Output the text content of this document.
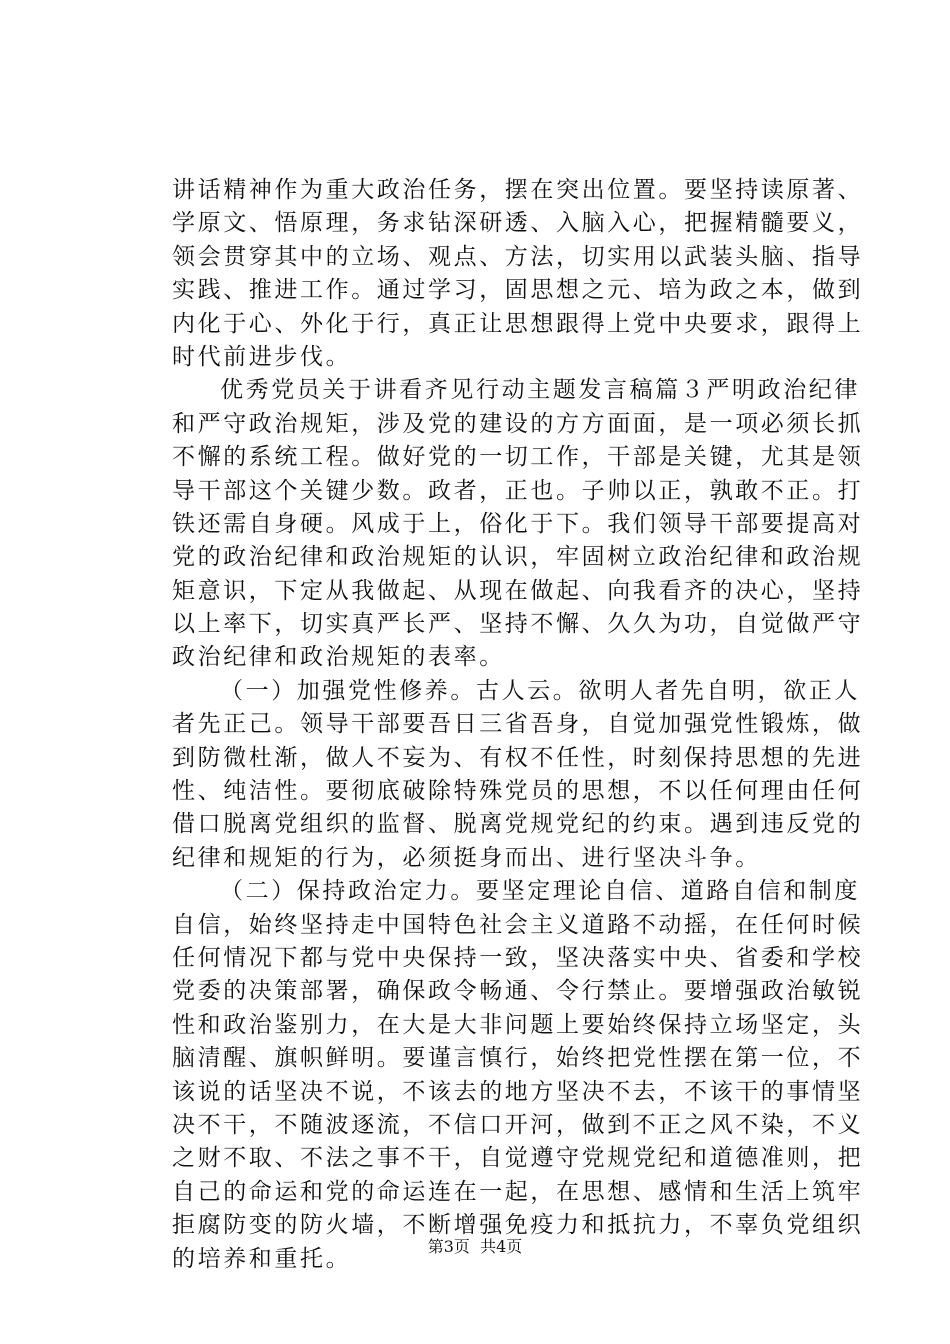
讲话精神作为重大政治任务，摆在突出位置。要坚持读原著、
学原文、悟原理，务求钻深研透、入脑入心，把握精髓要义，
领会贯穿其中的立场、观点、方法，切实用以武装头脑、指导
实践、推进工作。通过学习，固思想之元、培为政之本，做到
内化于心、外化于行，真正让思想跟得上党中央要求，跟得上
时代前进步伐。
优秀党员关于讲看齐见行动主题发言稿篇３严明政治纪律
和严守政治规矩，涉及党的建设的方方面面，是一项必须长抓
不懈的系统工程。做好党的一切工作，干部是关键，尤其是领
导干部这个关键少数。政者，正也。子帅以正，孰敢不正。打
铁还需自身硬。风成于上，俗化于下。我们领导干部要提高对
党的政治纪律和政治规矩的认识，牢固树立政治纪律和政治规
矩意识，下定从我做起、从现在做起、向我看齐的决心，坚持
以上率下，切实真严长严、坚持不懈、久久为功，自觉做严守
政治纪律和政治规矩的表率。
（一）加强党性修养。古人云。欲明人者先自明，欲正人
者先正己。领导干部要吾日三省吾身，自觉加强党性锻炼，做
到防微杜渐，做人不妄为、有权不任性，时刻保持思想的先进
性、纯洁性。要彻底破除特殊党员的思想，不以任何理由任何
借口脱离党组织的监督、脱离党规党纪的约束。遇到违反党的
纪律和规矩的行为，必须挺身而出、进行坚决斗争。
（二）保持政治定力。要坚定理论自信、道路自信和制度
自信，始终坚持走中国特色社会主义道路不动摇，在任何时候
任何情况下都与党中央保持一致，坚决落实中央、省委和学校
党委的决策部署，确保政令畅通、令行禁止。要增强政治敏锐
性和政治鉴别力，在大是大非问题上要始终保持立场坚定，头
脑清醒、旗帜鲜明。要谨言慎行，始终把党性摆在第一位，不
该说的话坚决不说，不该去的地方坚决不去，不该干的事情坚
决不干，不随波逐流，不信口开河，做到不正之风不染，不义
之财不取、不法之事不干，自觉遵守党规党纪和道德准则，把
自己的命运和党的命运连在一起，在思想、感情和生活上筑牢
拒腐防变的防火墙，不断增强免疫力和抵抗力，不辜负党组织
的培养和重托。	第3页 共4页
